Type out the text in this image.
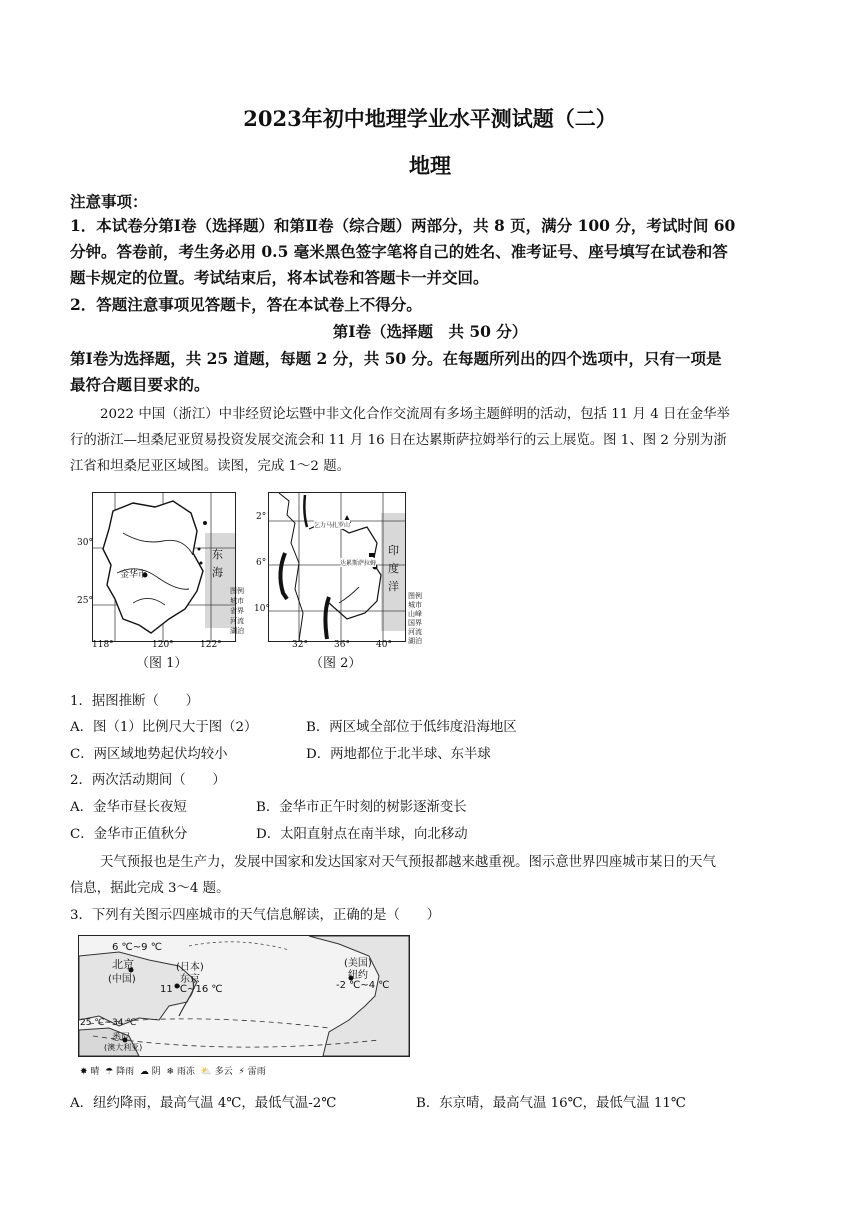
2023年初中地理学业水平测试题（二）
地理
注意事项：
1．本试卷分第Ⅰ卷（选择题）和第Ⅱ卷（综合题）两部分，共 8 页，满分 100 分，考试时间 60
分钟。答卷前，考生务必用 0.5 毫米黑色签字笔将自己的姓名、准考证号、座号填写在试卷和答
题卡规定的位置。考试结束后，将本试卷和答题卡一并交回。
2．答题注意事项见答题卡，答在本试卷上不得分。
第Ⅰ卷（选择题　共 50 分）
第Ⅰ卷为选择题，共 25 道题，每题 2 分，共 50 分。在每题所列出的四个选项中，只有一项是
最符合题目要求的。
2022 中国（浙江）中非经贸论坛暨中非文化合作交流周有多场主题鲜明的活动，包括 11 月 4 日在金华举
行的浙江—坦桑尼亚贸易投资发展交流会和 11 月 16 日在达累斯萨拉姆举行的云上展览。图 1、图 2 分别为浙
江省和坦桑尼亚区域图。读图，完成 1～2 题。
30°
25°
118°	120°	122°
金华市
东
海
图例
城市
省界
河流
湖泊
（图 1）
2°
6°
10°
32°	36°	40°
乞力马扎罗山
达累斯萨拉姆
印
度
洋
图例
城市
山峰
国界
河流
湖泊
（图 2）
1．据图推断（　　）
A．图（1）比例尺大于图（2）	B．两区域全部位于低纬度沿海地区
C．两区域地势起伏均较小	D．两地都位于北半球、东半球
2．两次活动期间（　　）
A．金华市昼长夜短	B．金华市正午时刻的树影逐渐变长
C．金华市正值秋分	D．太阳直射点在南半球，向北移动
天气预报也是生产力，发展中国家和发达国家对天气预报都越来越重视。图示意世界四座城市某日的天气
信息，据此完成 3～4 题。
3．下列有关图示四座城市的天气信息解读，正确的是（　　）
6 ℃~9 ℃
北京
(中国)
(日本)
东京
11 ℃~16 ℃
(美国)
纽约
-2 ℃~4 ℃
25 ℃~34 ℃
悉尼
(澳大利亚)
✸ 晴 ☂ 降雨 ☁ 阴 ❄ 雨冻 ⛅ 多云 ⚡ 雷雨
A．纽约降雨，最高气温 4℃，最低气温-2℃	B．东京晴，最高气温 16℃，最低气温 11℃
